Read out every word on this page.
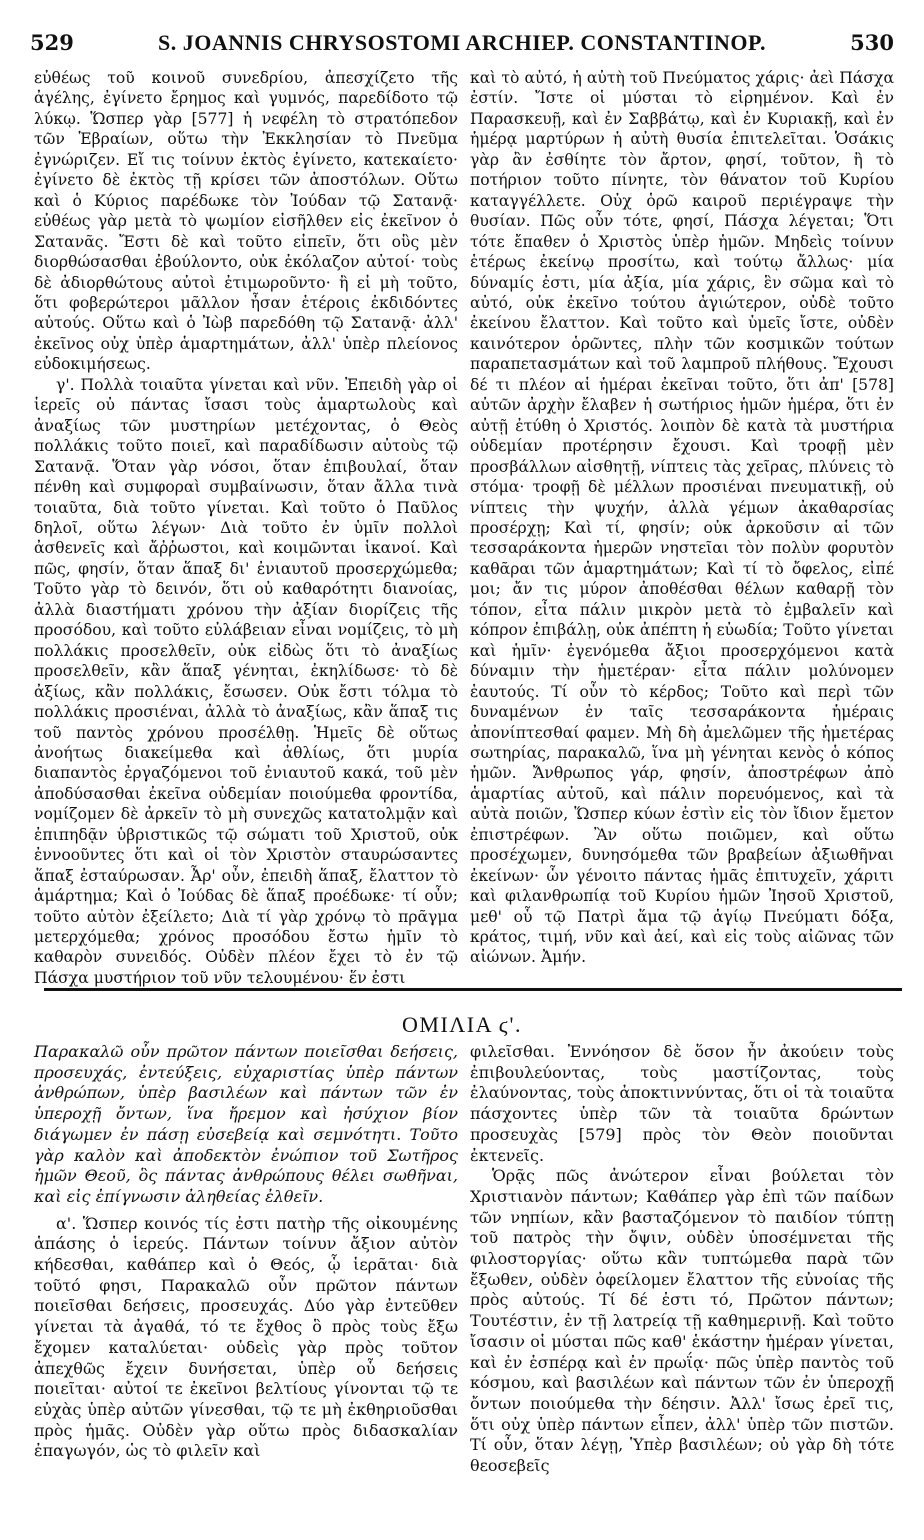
529	S. JOANNIS CHRYSOSTOMI ARCHIEP. CONSTANTINOP.	530

εὐθέως τοῦ κοινοῦ συνεδρίου, ἀπεσχίζετο τῆς ἀγέλης, ἐγίνετο ἔρημος καὶ γυμνός, παρεδίδοτο τῷ λύκῳ. Ὥσπερ γὰρ [577] ἡ νεφέλη τὸ στρατόπεδον τῶν Ἑβραίων, οὕτω τὴν Ἐκκλησίαν τὸ Πνεῦμα ἐγνώριζεν. Εἴ τις τοίνυν ἐκτὸς ἐγίνετο, κατεκαίετο· ἐγίνετο δὲ ἐκτὸς τῇ κρίσει τῶν ἀποστόλων. Οὕτω καὶ ὁ Κύριος παρέδωκε τὸν Ἰούδαν τῷ Σατανᾷ· εὐθέως γὰρ μετὰ τὸ ψωμίον εἰσῆλθεν εἰς ἐκεῖνον ὁ Σατανᾶς. Ἔστι δὲ καὶ τοῦτο εἰπεῖν, ὅτι οὓς μὲν διορθώσασθαι ἐβούλοντο, οὐκ ἐκόλαζον αὐτοί· τοὺς δὲ ἀδιορθώτους αὐτοὶ ἐτιμωροῦντο· ἢ εἰ μὴ τοῦτο, ὅτι φοβερώτεροι μᾶλλον ἦσαν ἑτέροις ἐκδιδόντες αὐτούς. Οὕτω καὶ ὁ Ἰὼβ παρεδόθη τῷ Σατανᾷ· ἀλλ' ἐκεῖνος οὐχ ὑπὲρ ἁμαρτημάτων, ἀλλ' ὑπὲρ πλείονος εὐδοκιμήσεως.

γ'. Πολλὰ τοιαῦτα γίνεται καὶ νῦν. Ἐπειδὴ γὰρ οἱ ἱερεῖς οὐ πάντας ἴσασι τοὺς ἁμαρτωλοὺς καὶ ἀναξίως τῶν μυστηρίων μετέχοντας, ὁ Θεὸς πολλάκις τοῦτο ποιεῖ, καὶ παραδίδωσιν αὐτοὺς τῷ Σατανᾷ. Ὅταν γὰρ νόσοι, ὅταν ἐπιβουλαί, ὅταν πένθη καὶ συμφοραὶ συμβαίνωσιν, ὅταν ἄλλα τινὰ τοιαῦτα, διὰ τοῦτο γίνεται. Καὶ τοῦτο ὁ Παῦλος δηλοῖ, οὕτω λέγων· Διὰ τοῦτο ἐν ὑμῖν πολλοὶ ἀσθενεῖς καὶ ἄῤῥωστοι, καὶ κοιμῶνται ἱκανοί. Καὶ πῶς, φησίν, ὅταν ἅπαξ δι' ἐνιαυτοῦ προσερχώμεθα; Τοῦτο γὰρ τὸ δεινόν, ὅτι οὐ καθαρότητι διανοίας, ἀλλὰ διαστήματι χρόνου τὴν ἀξίαν διορίζεις τῆς προσόδου, καὶ τοῦτο εὐλάβειαν εἶναι νομίζεις, τὸ μὴ πολλάκις προσελθεῖν, οὐκ εἰδὼς ὅτι τὸ ἀναξίως προσελθεῖν, κἂν ἅπαξ γένηται, ἐκηλίδωσε· τὸ δὲ ἀξίως, κἂν πολλάκις, ἔσωσεν. Οὐκ ἔστι τόλμα τὸ πολλάκις προσιέναι, ἀλλὰ τὸ ἀναξίως, κἂν ἅπαξ τις τοῦ παντὸς χρόνου προσέλθῃ. Ἡμεῖς δὲ οὕτως ἀνοήτως διακείμεθα καὶ ἀθλίως, ὅτι μυρία διαπαντὸς ἐργαζόμενοι τοῦ ἐνιαυτοῦ κακά, τοῦ μὲν ἀποδύσασθαι ἐκεῖνα οὐδεμίαν ποιούμεθα φροντίδα, νομίζομεν δὲ ἀρκεῖν τὸ μὴ συνεχῶς κατατολμᾷν καὶ ἐπιπηδᾷν ὑβριστικῶς τῷ σώματι τοῦ Χριστοῦ, οὐκ ἐννοοῦντες ὅτι καὶ οἱ τὸν Χριστὸν σταυρώσαντες ἅπαξ ἐσταύρωσαν. Ἆρ' οὖν, ἐπειδὴ ἅπαξ, ἔλαττον τὸ ἁμάρτημα; Καὶ ὁ Ἰούδας δὲ ἅπαξ προέδωκε· τί οὖν; τοῦτο αὐτὸν ἐξείλετο; Διὰ τί γὰρ χρόνῳ τὸ πρᾶγμα μετερχόμεθα; χρόνος προσόδου ἔστω ἡμῖν τὸ καθαρὸν συνειδός. Οὐδὲν πλέον ἔχει τὸ ἐν τῷ Πάσχα μυστήριον τοῦ νῦν τελουμένου· ἕν ἐστι

καὶ τὸ αὐτό, ἡ αὐτὴ τοῦ Πνεύματος χάρις· ἀεὶ Πάσχα ἐστίν. Ἴστε οἱ μύσται τὸ εἰρημένον. Καὶ ἐν Παρασκευῇ, καὶ ἐν Σαββάτῳ, καὶ ἐν Κυριακῇ, καὶ ἐν ἡμέρᾳ μαρτύρων ἡ αὐτὴ θυσία ἐπιτελεῖται. Ὁσάκις γὰρ ἂν ἐσθίητε τὸν ἄρτον, φησί, τοῦτον, ἢ τὸ ποτήριον τοῦτο πίνητε, τὸν θάνατον τοῦ Κυρίου καταγγέλλετε. Οὐχ ὁρῶ καιροῦ περιέγραψε τὴν θυσίαν. Πῶς οὖν τότε, φησί, Πάσχα λέγεται; Ὅτι τότε ἔπαθεν ὁ Χριστὸς ὑπὲρ ἡμῶν. Μηδεὶς τοίνυν ἑτέρως ἐκείνῳ προσίτω, καὶ τούτῳ ἄλλως· μία δύναμίς ἐστι, μία ἀξία, μία χάρις, ἓν σῶμα καὶ τὸ αὐτό, οὐκ ἐκεῖνο τούτου ἁγιώτερον, οὐδὲ τοῦτο ἐκείνου ἔλαττον. Καὶ τοῦτο καὶ ὑμεῖς ἴστε, οὐδὲν καινότερον ὁρῶντες, πλὴν τῶν κοσμικῶν τούτων παραπετασμάτων καὶ τοῦ λαμπροῦ πλήθους. Ἔχουσι δέ τι πλέον αἱ ἡμέραι ἐκεῖναι τοῦτο, ὅτι ἀπ' [578] αὐτῶν ἀρχὴν ἔλαβεν ἡ σωτήριος ἡμῶν ἡμέρα, ὅτι ἐν αὐτῇ ἐτύθη ὁ Χριστός. λοιπὸν δὲ κατὰ τὰ μυστήρια οὐδεμίαν προτέρησιν ἔχουσι. Καὶ τροφῇ μὲν προσβάλλων αἰσθητῇ, νίπτεις τὰς χεῖρας, πλύνεις τὸ στόμα· τροφῇ δὲ μέλλων προσιέναι πνευματικῇ, οὐ νίπτεις τὴν ψυχήν, ἀλλὰ γέμων ἀκαθαρσίας προσέρχῃ; Καὶ τί, φησίν; οὐκ ἀρκοῦσιν αἱ τῶν τεσσαράκοντα ἡμερῶν νηστεῖαι τὸν πολὺν φορυτὸν καθᾶραι τῶν ἁμαρτημάτων; Καὶ τί τὸ ὄφελος, εἰπέ μοι; ἄν τις μύρον ἀποθέσθαι θέλων καθαρῇ τὸν τόπον, εἶτα πάλιν μικρὸν μετὰ τὸ ἐμβαλεῖν καὶ κόπρον ἐπιβάλῃ, οὐκ ἀπέπτη ἡ εὐωδία; Τοῦτο γίνεται καὶ ἡμῖν· ἐγενόμεθα ἄξιοι προσερχόμενοι κατὰ δύναμιν τὴν ἡμετέραν· εἶτα πάλιν μολύνομεν ἑαυτούς. Τί οὖν τὸ κέρδος; Τοῦτο καὶ περὶ τῶν δυναμένων ἐν ταῖς τεσσαράκοντα ἡμέραις ἀπονίπτεσθαί φαμεν. Μὴ δὴ ἀμελῶμεν τῆς ἡμετέρας σωτηρίας, παρακαλῶ, ἵνα μὴ γένηται κενὸς ὁ κόπος ἡμῶν. Ἄνθρωπος γάρ, φησίν, ἀποστρέφων ἀπὸ ἁμαρτίας αὐτοῦ, καὶ πάλιν πορευόμενος, καὶ τὰ αὐτὰ ποιῶν, Ὥσπερ κύων ἐστὶν εἰς τὸν ἴδιον ἔμετον ἐπιστρέφων. Ἂν οὕτω ποιῶμεν, καὶ οὕτω προσέχωμεν, δυνησόμεθα τῶν βραβείων ἀξιωθῆναι ἐκείνων· ὧν γένοιτο πάντας ἡμᾶς ἐπιτυχεῖν, χάριτι καὶ φιλανθρωπίᾳ τοῦ Κυρίου ἡμῶν Ἰησοῦ Χριστοῦ, μεθ' οὗ τῷ Πατρὶ ἅμα τῷ ἁγίῳ Πνεύματι δόξα, κράτος, τιμή, νῦν καὶ ἀεί, καὶ εἰς τοὺς αἰῶνας τῶν αἰώνων. Ἀμήν.

ΟΜΙΛΙΑ ϛ'.

Παρακαλῶ οὖν πρῶτον πάντων ποιεῖσθαι δεήσεις, προσευχάς, ἐντεύξεις, εὐχαριστίας ὑπὲρ πάντων ἀνθρώπων, ὑπὲρ βασιλέων καὶ πάντων τῶν ἐν ὑπεροχῇ ὄντων, ἵνα ἤρεμον καὶ ἡσύχιον βίον διάγωμεν ἐν πάσῃ εὐσεβείᾳ καὶ σεμνότητι. Τοῦτο γὰρ καλὸν καὶ ἀποδεκτὸν ἐνώπιον τοῦ Σωτῆρος ἡμῶν Θεοῦ, ὃς πάντας ἀνθρώπους θέλει σωθῆναι, καὶ εἰς ἐπίγνωσιν ἀληθείας ἐλθεῖν.

α'. Ὥσπερ κοινός τίς ἐστι πατὴρ τῆς οἰκουμένης ἁπάσης ὁ ἱερεύς. Πάντων τοίνυν ἄξιον αὐτὸν κήδεσθαι, καθάπερ καὶ ὁ Θεός, ᾧ ἱερᾶται· διὰ τοῦτό φησι, Παρακαλῶ οὖν πρῶτον πάντων ποιεῖσθαι δεήσεις, προσευχάς. Δύο γὰρ ἐντεῦθεν γίνεται τὰ ἀγαθά, τό τε ἔχθος ὃ πρὸς τοὺς ἔξω ἔχομεν καταλύεται· οὐδεὶς γὰρ πρὸς τοῦτον ἀπεχθῶς ἔχειν δυνήσεται, ὑπὲρ οὗ δεήσεις ποιεῖται· αὐτοί τε ἐκεῖνοι βελτίους γίνονται τῷ τε εὐχὰς ὑπὲρ αὐτῶν γίνεσθαι, τῷ τε μὴ ἐκθηριοῦσθαι πρὸς ἡμᾶς. Οὐδὲν γὰρ οὕτω πρὸς διδασκαλίαν ἐπαγωγόν, ὡς τὸ φιλεῖν καὶ

φιλεῖσθαι. Ἐννόησον δὲ ὅσον ἦν ἀκούειν τοὺς ἐπιβουλεύοντας, τοὺς μαστίζοντας, τοὺς ἐλαύνοντας, τοὺς ἀποκτιννύντας, ὅτι οἱ τὰ τοιαῦτα πάσχοντες ὑπὲρ τῶν τὰ τοιαῦτα δρώντων προσευχὰς [579] πρὸς τὸν Θεὸν ποιοῦνται ἐκτενεῖς.

Ὁρᾷς πῶς ἀνώτερον εἶναι βούλεται τὸν Χριστιανὸν πάντων; Καθάπερ γὰρ ἐπὶ τῶν παίδων τῶν νηπίων, κἂν βασταζόμενον τὸ παιδίον τύπτῃ τοῦ πατρὸς τὴν ὄψιν, οὐδὲν ὑποσέμνεται τῆς φιλοστοργίας· οὕτω κἂν τυπτώμεθα παρὰ τῶν ἔξωθεν, οὐδὲν ὀφείλομεν ἔλαττον τῆς εὐνοίας τῆς πρὸς αὐτούς. Τί δέ ἐστι τό, Πρῶτον πάντων; Τουτέστιν, ἐν τῇ λατρείᾳ τῇ καθημερινῇ. Καὶ τοῦτο ἴσασιν οἱ μύσται πῶς καθ' ἑκάστην ἡμέραν γίνεται, καὶ ἐν ἑσπέρᾳ καὶ ἐν πρωΐᾳ· πῶς ὑπὲρ παντὸς τοῦ κόσμου, καὶ βασιλέων καὶ πάντων τῶν ἐν ὑπεροχῇ ὄντων ποιούμεθα τὴν δέησιν. Ἀλλ' ἴσως ἐρεῖ τις, ὅτι οὐχ ὑπὲρ πάντων εἶπεν, ἀλλ' ὑπὲρ τῶν πιστῶν. Τί οὖν, ὅταν λέγῃ, Ὑπὲρ βασιλέων; οὐ γὰρ δὴ τότε θεοσεβεῖς
